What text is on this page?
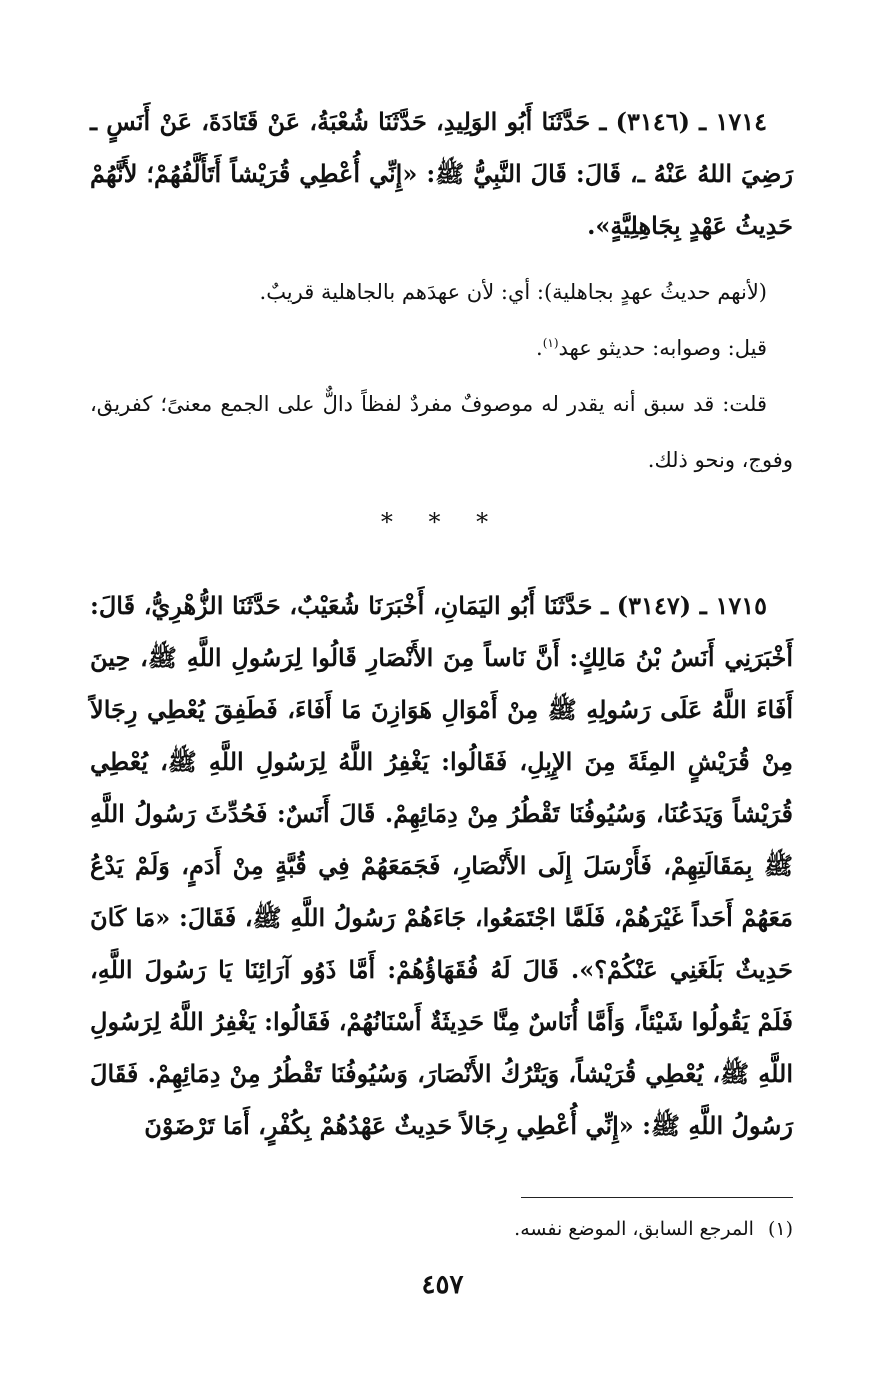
١٧١٤ ـ (٣١٤٦) ـ حَدَّثَنَا أَبُو الوَلِيدِ، حَدَّثَنَا شُعْبَةُ، عَنْ قَتَادَةَ، عَنْ أَنَسٍ ـ رَضِيَ اللهُ عَنْهُ ـ، قَالَ: قَالَ النَّبِيُّ ﷺ: «إِنِّي أُعْطِي قُرَيْشاً أَتَأَلَّفُهُمْ؛ لأَنَّهُمْ حَدِيثُ عَهْدٍ بِجَاهِلِيَّةٍ».

(لأنهم حديثُ عهدٍ بجاهلية): أي: لأن عهدَهم بالجاهلية قريبٌ.

قيل: وصوابه: حديثو عهد$^{(١)}$.

قلت: قد سبق أنه يقدر له موصوفٌ مفردٌ لفظاً دالٌّ على الجمع معنىً؛ كفريق، وفوج، ونحو ذلك.

* * *

١٧١٥ ـ (٣١٤٧) ـ حَدَّثَنَا أَبُو اليَمَانِ، أَخْبَرَنَا شُعَيْبٌ، حَدَّثَنَا الزُّهْرِيُّ، قَالَ: أَخْبَرَنِي أَنَسُ بْنُ مَالِكٍ: أَنَّ نَاساً مِنَ الأَنْصَارِ قَالُوا لِرَسُولِ اللَّهِ ﷺ، حِينَ أَفَاءَ اللَّهُ عَلَى رَسُولِهِ ﷺ مِنْ أَمْوَالِ هَوَازِنَ مَا أَفَاءَ، فَطَفِقَ يُعْطِي رِجَالاً مِنْ قُرَيْشٍ المِئَةَ مِنَ الإِبِلِ، فَقَالُوا: يَغْفِرُ اللَّهُ لِرَسُولِ اللَّهِ ﷺ، يُعْطِي قُرَيْشاً وَيَدَعُنَا، وَسُيُوفُنَا تَقْطُرُ مِنْ دِمَائِهِمْ. قَالَ أَنَسٌ: فَحُدِّثَ رَسُولُ اللَّهِ ﷺ بِمَقَالَتِهِمْ، فَأَرْسَلَ إِلَى الأَنْصَارِ، فَجَمَعَهُمْ فِي قُبَّةٍ مِنْ أَدَمٍ، وَلَمْ يَدْعُ مَعَهُمْ أَحَداً غَيْرَهُمْ، فَلَمَّا اجْتَمَعُوا، جَاءَهُمْ رَسُولُ اللَّهِ ﷺ، فَقَالَ: «مَا كَانَ حَدِيثٌ بَلَغَنِي عَنْكُمْ؟». قَالَ لَهُ فُقَهَاؤُهُمْ: أَمَّا ذَوُو آرَائِنَا يَا رَسُولَ اللَّهِ، فَلَمْ يَقُولُوا شَيْئاً، وَأَمَّا أُنَاسٌ مِنَّا حَدِيثَةٌ أَسْنَانُهُمْ، فَقَالُوا: يَغْفِرُ اللَّهُ لِرَسُولِ اللَّهِ ﷺ، يُعْطِي قُرَيْشاً، وَيَتْرُكُ الأَنْصَارَ، وَسُيُوفُنَا تَقْطُرُ مِنْ دِمَائِهِمْ. فَقَالَ رَسُولُ اللَّهِ ﷺ: «إِنِّي أُعْطِي رِجَالاً حَدِيثٌ عَهْدُهُمْ بِكُفْرٍ، أَمَا تَرْضَوْنَ

(١)المرجع السابق، الموضع نفسه.
٤٥٧
